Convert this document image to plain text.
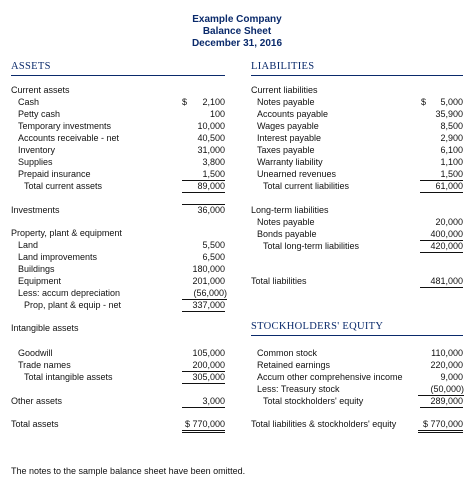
Example Company
Balance Sheet
December 31, 2016
ASSETS	LIABILITIES
Current assets
Cash	$	2,100
Petty cash	100
Temporary investments	10,000
Accounts receivable - net	40,500
Inventory	31,000
Supplies	3,800
Prepaid insurance	1,500
Total current assets	89,000
Investments	36,000
Property, plant & equipment
Land	5,500
Land improvements	6,500
Buildings	180,000
Equipment	201,000
Less: accum depreciation	(56,000)
Prop, plant & equip - net	337,000
Intangible assets
Goodwill	105,000
Trade names	200,000
Total intangible assets	305,000
Other assets	3,000
Total assets	$ 770,000
Current liabilities
Notes payable	$	5,000
Accounts payable	35,900
Wages payable	8,500
Interest payable	2,900
Taxes payable	6,100
Warranty liability	1,100
Unearned revenues	1,500
Total current liabilities	61,000
Long-term liabilities
Notes payable	20,000
Bonds payable	400,000
Total long-term liabilities	420,000
Total liabilities	481,000
STOCKHOLDERS' EQUITY
Common stock	110,000
Retained earnings	220,000
Accum other comprehensive income	9,000
Less: Treasury stock	(50,000)
Total stockholders' equity	289,000
Total liabilities & stockholders' equity	$ 770,000
The notes to the sample balance sheet have been omitted.
